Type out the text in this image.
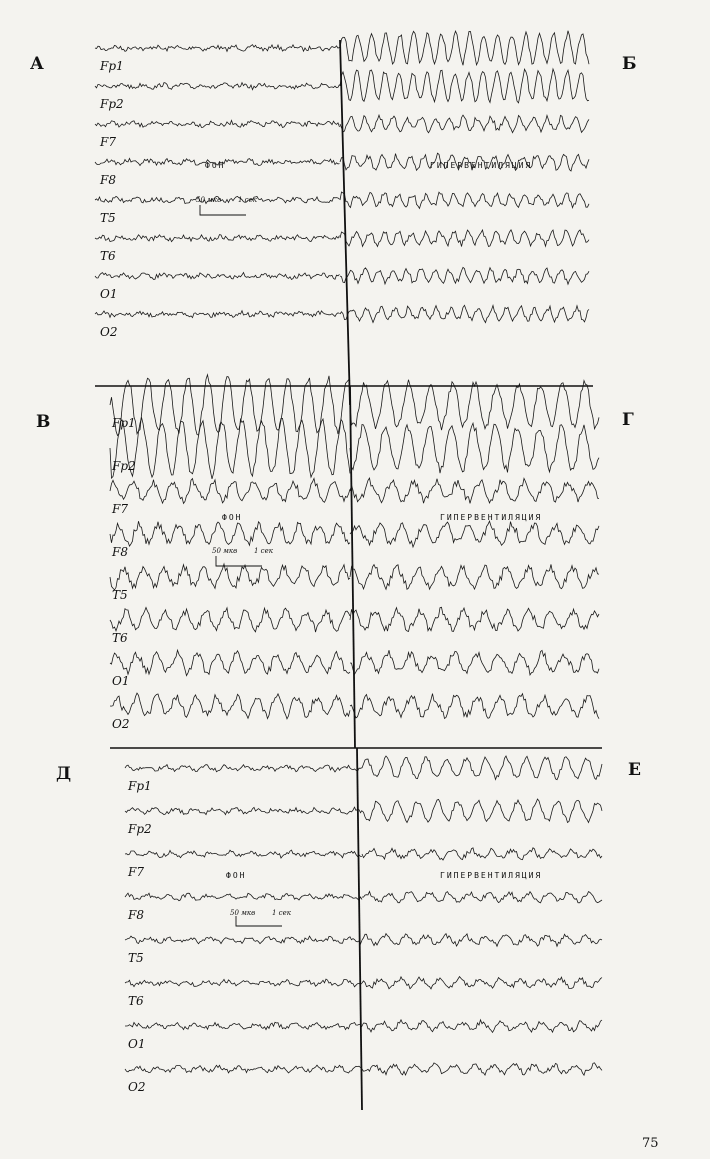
А	Б
В	Г
Д	Е
Fp1
Fp2
F7
F8
T5
T6
O1
O2
ФОН	ГИПЕРВЕНТИЛЯЦИЯ
50 мкв 1 сек
Fp1
Fp2
F7
F8
T5
T6
O1
O2
ФОН	ГИПЕРВЕНТИЛЯЦИЯ
50 мкв 1 сек
Fp1
Fp2
F7
F8
T5
T6
O1
O2
ФОН	ГИПЕРВЕНТИЛЯЦИЯ
50 мкв 1 сек
75
